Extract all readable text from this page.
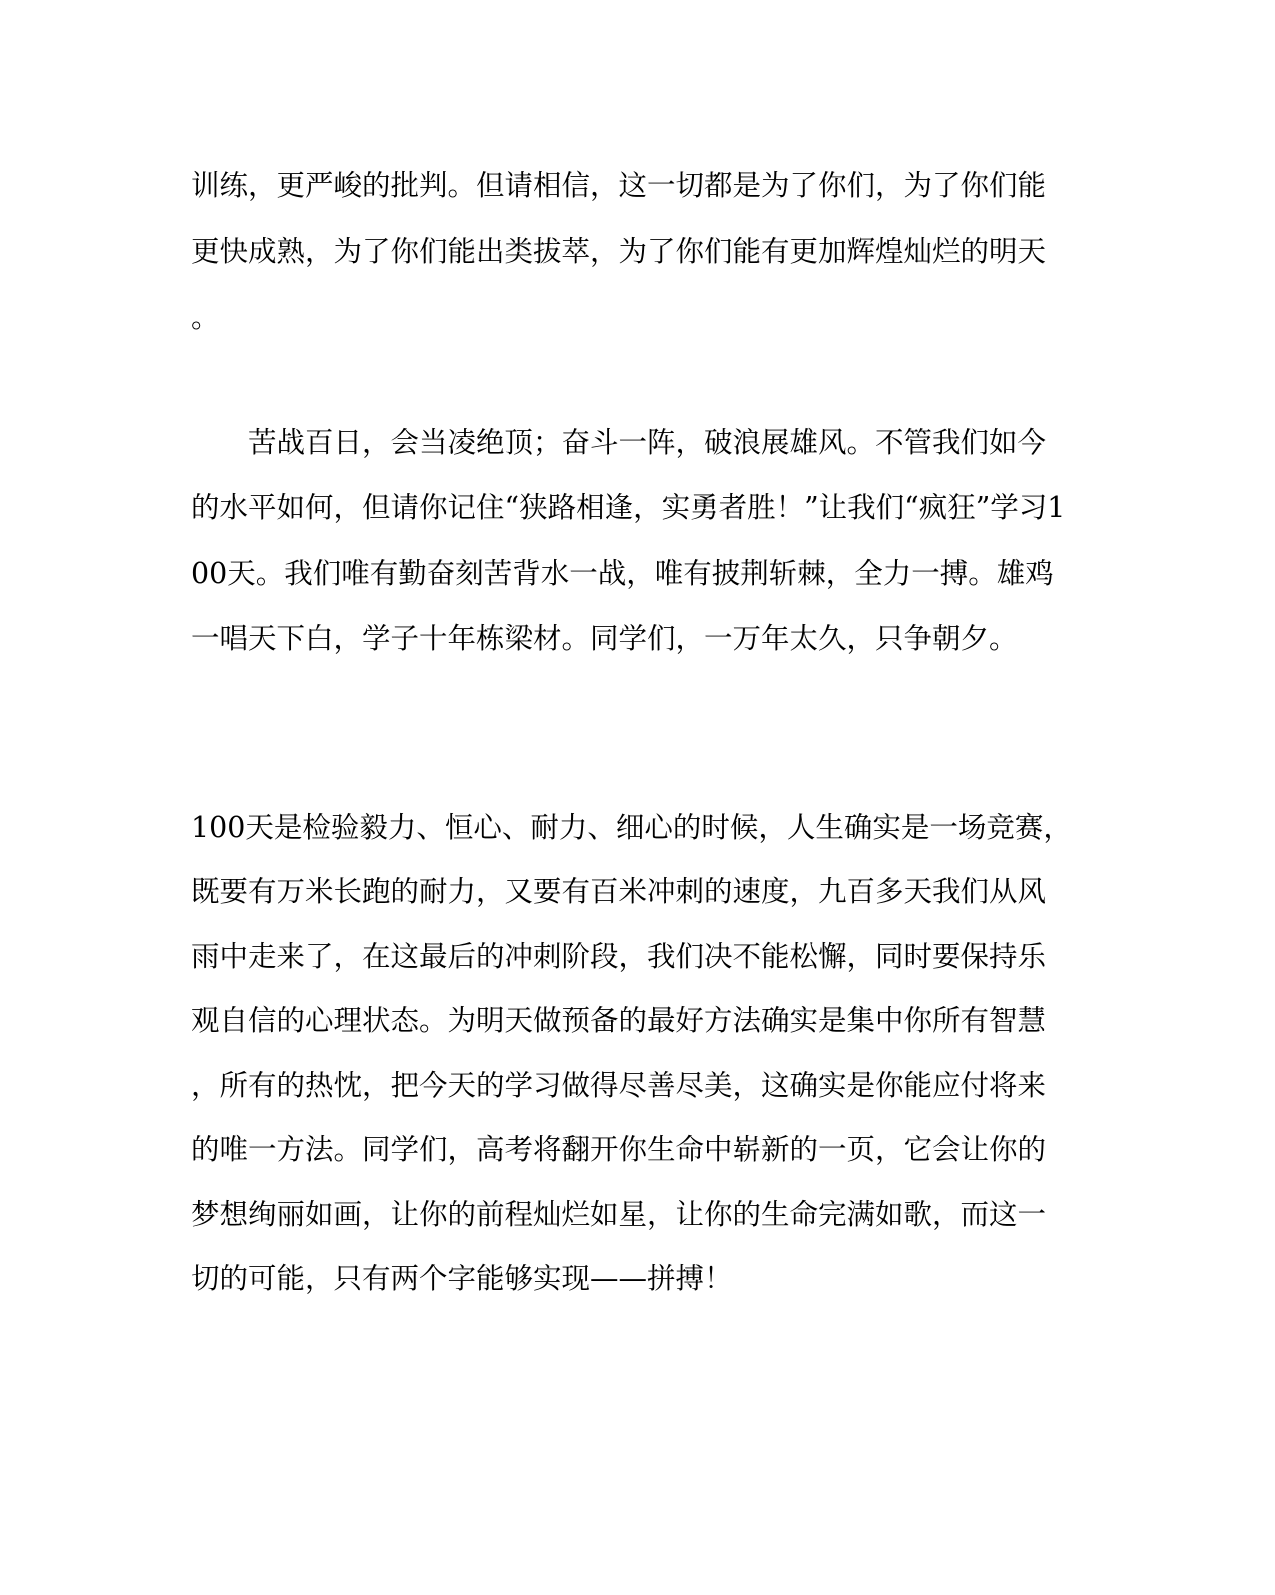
训练，更严峻的批判。但请相信，这一切都是为了你们，为了你们能
更快成熟，为了你们能出类拔萃，为了你们能有更加辉煌灿烂的明天
。
　　苦战百日，会当凌绝顶；奋斗一阵，破浪展雄风。不管我们如今
的水平如何，但请你记住“狭路相逢，实勇者胜！”让我们“疯狂”学习1
00天。我们唯有勤奋刻苦背水一战，唯有披荆斩棘，全力一搏。雄鸡
一唱天下白，学子十年栋梁材。同学们，一万年太久，只争朝夕。
100天是检验毅力、恒心、耐力、细心的时候，人生确实是一场竞赛，
既要有万米长跑的耐力，又要有百米冲刺的速度，九百多天我们从风
雨中走来了，在这最后的冲刺阶段，我们决不能松懈，同时要保持乐
观自信的心理状态。为明天做预备的最好方法确实是集中你所有智慧
，所有的热忱，把今天的学习做得尽善尽美，这确实是你能应付将来
的唯一方法。同学们，高考将翻开你生命中崭新的一页，它会让你的
梦想绚丽如画，让你的前程灿烂如星，让你的生命完满如歌，而这一
切的可能，只有两个字能够实现——拼搏！
